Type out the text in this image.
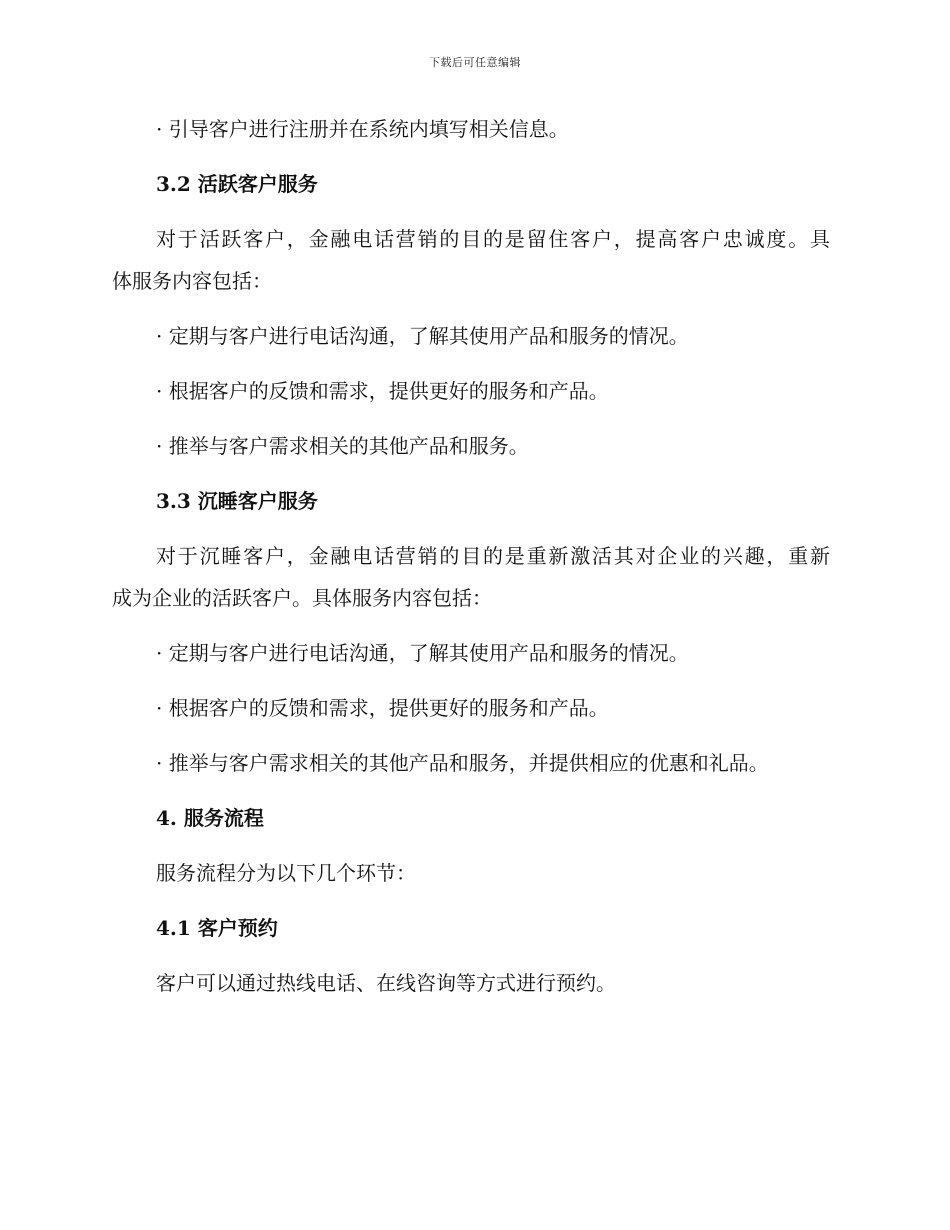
下载后可任意编辑
· 引导客户进行注册并在系统内填写相关信息。
3.2 活跃客户服务
对于活跃客户，金融电话营销的目的是留住客户，提高客户忠诚度。具
体服务内容包括：
· 定期与客户进行电话沟通，了解其使用产品和服务的情况。
· 根据客户的反馈和需求，提供更好的服务和产品。
· 推举与客户需求相关的其他产品和服务。
3.3 沉睡客户服务
对于沉睡客户，金融电话营销的目的是重新激活其对企业的兴趣，重新
成为企业的活跃客户。具体服务内容包括：
· 定期与客户进行电话沟通，了解其使用产品和服务的情况。
· 根据客户的反馈和需求，提供更好的服务和产品。
· 推举与客户需求相关的其他产品和服务，并提供相应的优惠和礼品。
4. 服务流程
服务流程分为以下几个环节：
4.1 客户预约
客户可以通过热线电话、在线咨询等方式进行预约。
